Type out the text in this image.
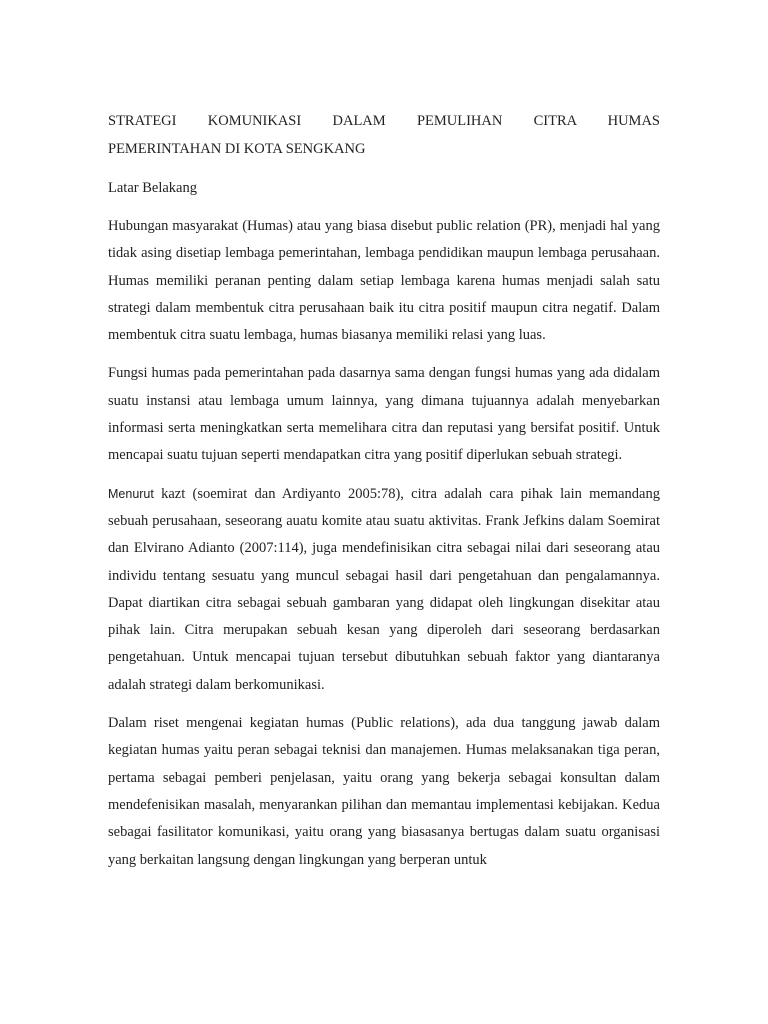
STRATEGI KOMUNIKASI DALAM PEMULIHAN CITRA HUMAS
PEMERINTAHAN DI KOTA SENGKANG
Latar Belakang

Hubungan masyarakat (Humas) atau yang biasa disebut public relation (PR), menjadi hal yang tidak asing disetiap lembaga pemerintahan, lembaga pendidikan maupun lembaga perusahaan. Humas memiliki peranan penting dalam setiap lembaga karena humas menjadi salah satu strategi dalam membentuk citra perusahaan baik itu citra positif maupun citra negatif. Dalam membentuk citra suatu lembaga, humas biasanya memiliki relasi yang luas.

Fungsi humas pada pemerintahan pada dasarnya sama dengan fungsi humas yang ada didalam suatu instansi atau lembaga umum lainnya, yang dimana tujuannya adalah menyebarkan informasi serta meningkatkan serta memelihara citra dan reputasi yang bersifat positif. Untuk mencapai suatu tujuan seperti mendapatkan citra yang positif diperlukan sebuah strategi.

Menurut kazt (soemirat dan Ardiyanto 2005:78), citra adalah cara pihak lain memandang sebuah perusahaan, seseorang auatu komite atau suatu aktivitas. Frank Jefkins dalam Soemirat dan Elvirano Adianto (2007:114), juga mendefinisikan citra sebagai nilai dari seseorang atau individu tentang sesuatu yang muncul sebagai hasil dari pengetahuan dan pengalamannya. Dapat diartikan citra sebagai sebuah gambaran yang didapat oleh lingkungan disekitar atau pihak lain. Citra merupakan sebuah kesan yang diperoleh dari seseorang berdasarkan pengetahuan. Untuk mencapai tujuan tersebut dibutuhkan sebuah faktor yang diantaranya adalah strategi dalam berkomunikasi.

Dalam riset mengenai kegiatan humas (Public relations), ada dua tanggung jawab dalam kegiatan humas yaitu peran sebagai teknisi dan manajemen. Humas melaksanakan tiga peran, pertama sebagai pemberi penjelasan, yaitu orang yang bekerja sebagai konsultan dalam mendefenisikan masalah, menyarankan pilihan dan memantau implementasi kebijakan. Kedua sebagai fasilitator komunikasi, yaitu orang yang biasasanya bertugas dalam suatu organisasi yang berkaitan langsung dengan lingkungan yang berperan untuk
